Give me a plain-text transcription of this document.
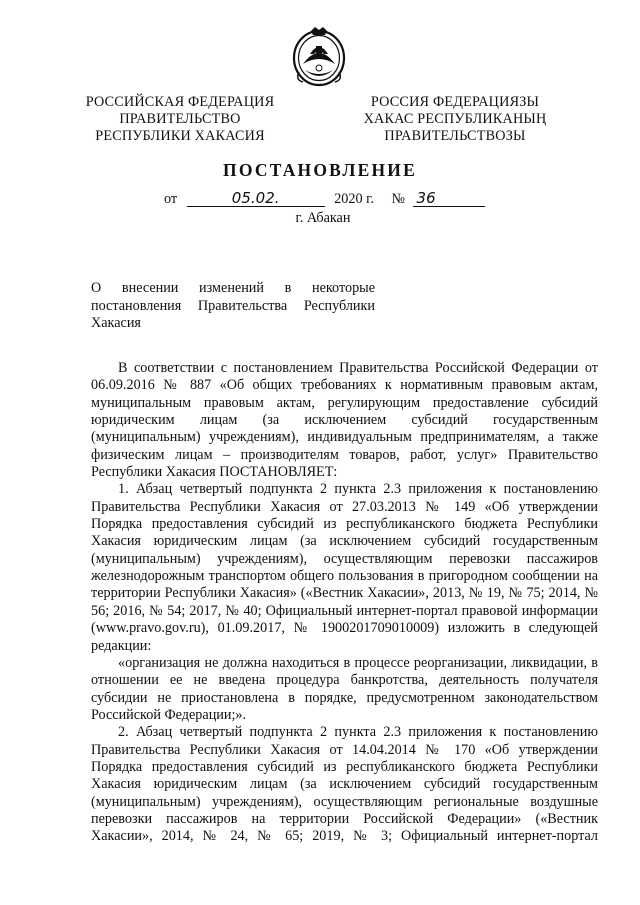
РОССИЙСКАЯ ФЕДЕРАЦИЯ
ПРАВИТЕЛЬСТВО
РЕСПУБЛИКИ ХАКАСИЯ
РОССИЯ ФЕДЕРАЦИЯЗЫ
ХАКАС РЕСПУБЛИКАНЫҢ
ПРАВИТЕЛЬСТВОЗЫ
ПОСТАНОВЛЕНИЕ
от	05.02.	2020 г. № 36
г. Абакан
О внесении изменений в некоторые
постановления Правительства Республики
Хакасия

В соответствии с постановлением Правительства Российской Федерации от 06.09.2016 № 887 «Об общих требованиях к нормативным правовым актам, муниципальным правовым актам, регулирующим предоставление субсидий юридическим лицам (за исключением субсидий государственным (муниципальным) учреждениям), индивидуальным предпринимателям, а также физическим лицам – производителям товаров, работ, услуг» Правительство Республики Хакасия ПОСТАНОВЛЯЕТ:

1. Абзац четвертый подпункта 2 пункта 2.3 приложения к постановлению Правительства Республики Хакасия от 27.03.2013 № 149 «Об утверждении Порядка предоставления субсидий из республиканского бюджета Республики Хакасия юридическим лицам (за исключением субсидий государственным (муниципальным) учреждениям), осуществляющим перевозки пассажиров железнодорожным транспортом общего пользования в пригородном сообщении на территории Республики Хакасия» («Вестник Хакасии», 2013, № 19, № 75; 2014, № 56; 2016, № 54; 2017, № 40; Официальный интернет-портал правовой информации (www.pravo.gov.ru), 01.09.2017, № 1900201709010009) изложить в следующей редакции:

«организация не должна находиться в процессе реорганизации, ликвидации, в отношении ее не введена процедура банкротства, деятельность получателя субсидии не приостановлена в порядке, предусмотренном законодательством Российской Федерации;».

2. Абзац четвертый подпункта 2 пункта 2.3 приложения к постановлению Правительства Республики Хакасия от 14.04.2014 № 170 «Об утверждении Порядка предоставления субсидий из республиканского бюджета Республики Хакасия юридическим лицам (за исключением субсидий государственным (муниципальным) учреждениям), осуществляющим региональные воздушные перевозки пассажиров на территории Российской Федерации» («Вестник Хакасии», 2014, № 24, № 65; 2019, № 3; Официальный интернет-портал
